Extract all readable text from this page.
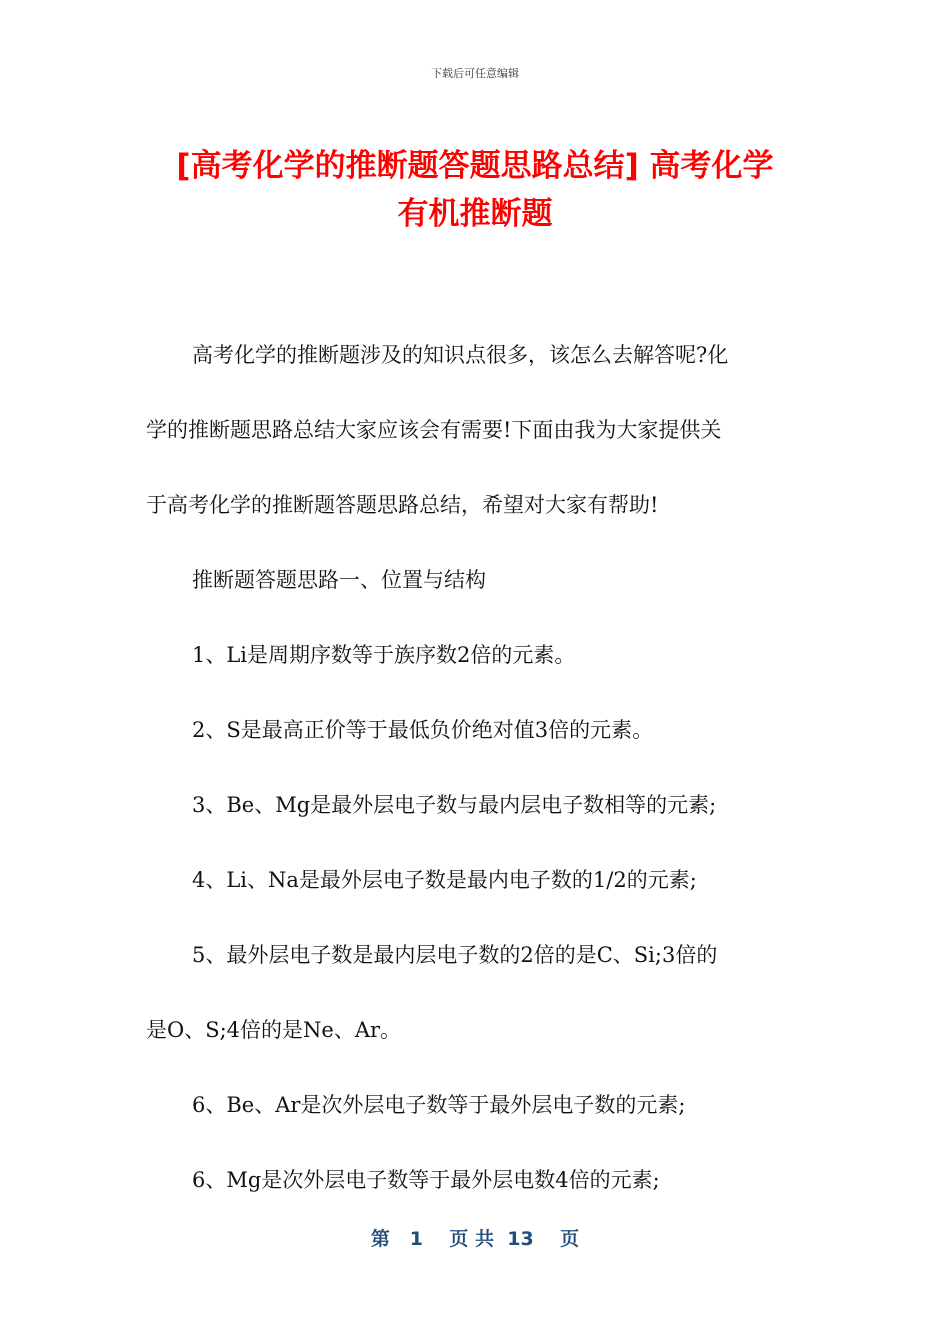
下载后可任意编辑
[高考化学的推断题答题思路总结] 高考化学
有机推断题

高考化学的推断题涉及的知识点很多，该怎么去解答呢?化

学的推断题思路总结大家应该会有需要!下面由我为大家提供关

于高考化学的推断题答题思路总结，希望对大家有帮助!

推断题答题思路一、位置与结构

1、Li是周期序数等于族序数2倍的元素。

2、S是最高正价等于最低负价绝对值3倍的元素。

3、Be、Mg是最外层电子数与最内层电子数相等的元素;

4、Li、Na是最外层电子数是最内电子数的1/2的元素;

5、最外层电子数是最内层电子数的2倍的是C、Si;3倍的

是O、S;4倍的是Ne、Ar。

6、Be、Ar是次外层电子数等于最外层电子数的元素;

6、Mg是次外层电子数等于最外层电数4倍的元素;

第   1    页 共  13    页
